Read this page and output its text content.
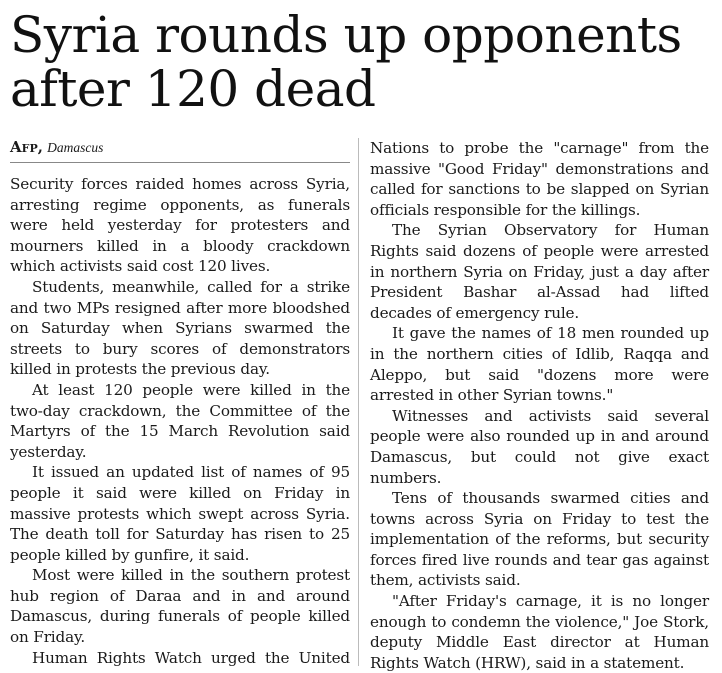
Syria rounds up opponents after 120 dead
Afp, Damascus

Security forces raided homes across Syria, arresting regime opponents, as funerals were held yesterday for protesters and mourners killed in a bloody crackdown which activists said cost 120 lives.

Students, meanwhile, called for a strike and two MPs resigned after more bloodshed on Saturday when Syrians swarmed the streets to bury scores of demonstrators killed in protests the previous day.

At least 120 people were killed in the two-day crackdown, the Committee of the Martyrs of the 15 March Revolution said yesterday.

It issued an updated list of names of 95 people it said were killed on Friday in massive protests which swept across Syria. The death toll for Saturday has risen to 25 people killed by gunfire, it said.

Most were killed in the southern protest hub region of Daraa and in and around Damascus, during funerals of people killed on Friday.

Human Rights Watch urged the United

Nations to probe the "carnage" from the massive "Good Friday" demonstrations and called for sanctions to be slapped on Syrian officials responsible for the killings.

The Syrian Observatory for Human Rights said dozens of people were arrested in northern Syria on Friday, just a day after President Bashar al-Assad had lifted decades of emergency rule.

It gave the names of 18 men rounded up in the northern cities of Idlib, Raqqa and Aleppo, but said "dozens more were arrested in other Syrian towns."

Witnesses and activists said several people were also rounded up in and around Damascus, but could not give exact numbers.

Tens of thousands swarmed cities and towns across Syria on Friday to test the implementation of the reforms, but security forces fired live rounds and tear gas against them, activists said.

"After Friday's carnage, it is no longer enough to condemn the violence," Joe Stork, deputy Middle East director at Human Rights Watch (HRW), said in a statement.
